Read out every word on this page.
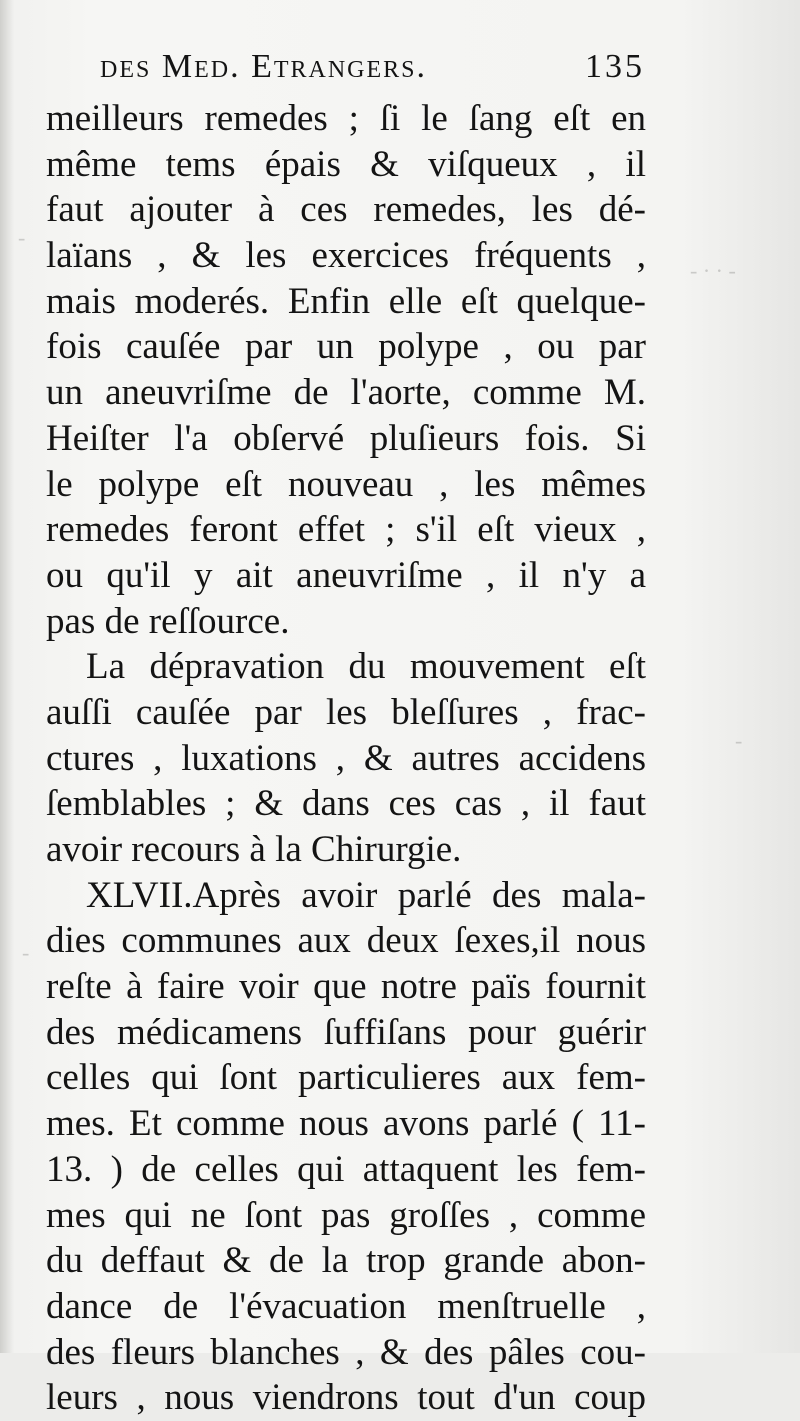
- · · -
-
-
-
des Med. Etrangers.	135
meilleurs remedes ; ſi le ſang eſt en
même tems épais & viſqueux , il
faut ajouter à ces remedes, les dé-
laïans , & les exercices fréquents ,
mais moderés. Enfin elle eſt quelque-
fois cauſée par un polype , ou par
un aneuvriſme de l'aorte, comme M.
Heiſter l'a obſervé pluſieurs fois. Si
le polype eſt nouveau , les mêmes
remedes feront effet ; s'il eſt vieux ,
ou qu'il y ait aneuvriſme , il n'y a
pas de reſſource.
La dépravation du mouvement eſt
auſſi cauſée par les bleſſures , frac-
ctures , luxations , & autres accidens
ſemblables ; & dans ces cas , il faut
avoir recours à la Chirurgie.
XLVII.Après avoir parlé des mala-
dies communes aux deux ſexes,il nous
reſte à faire voir que notre païs fournit
des médicamens ſuffiſans pour guérir
celles qui ſont particulieres aux fem-
mes. Et comme nous avons parlé ( 11-
13. ) de celles qui attaquent les fem-
mes qui ne ſont pas groſſes , comme
du deffaut & de la trop grande abon-
dance de l'évacuation menſtruelle ,
des fleurs blanches , & des pâles cou-
leurs , nous viendrons tout d'un coup
